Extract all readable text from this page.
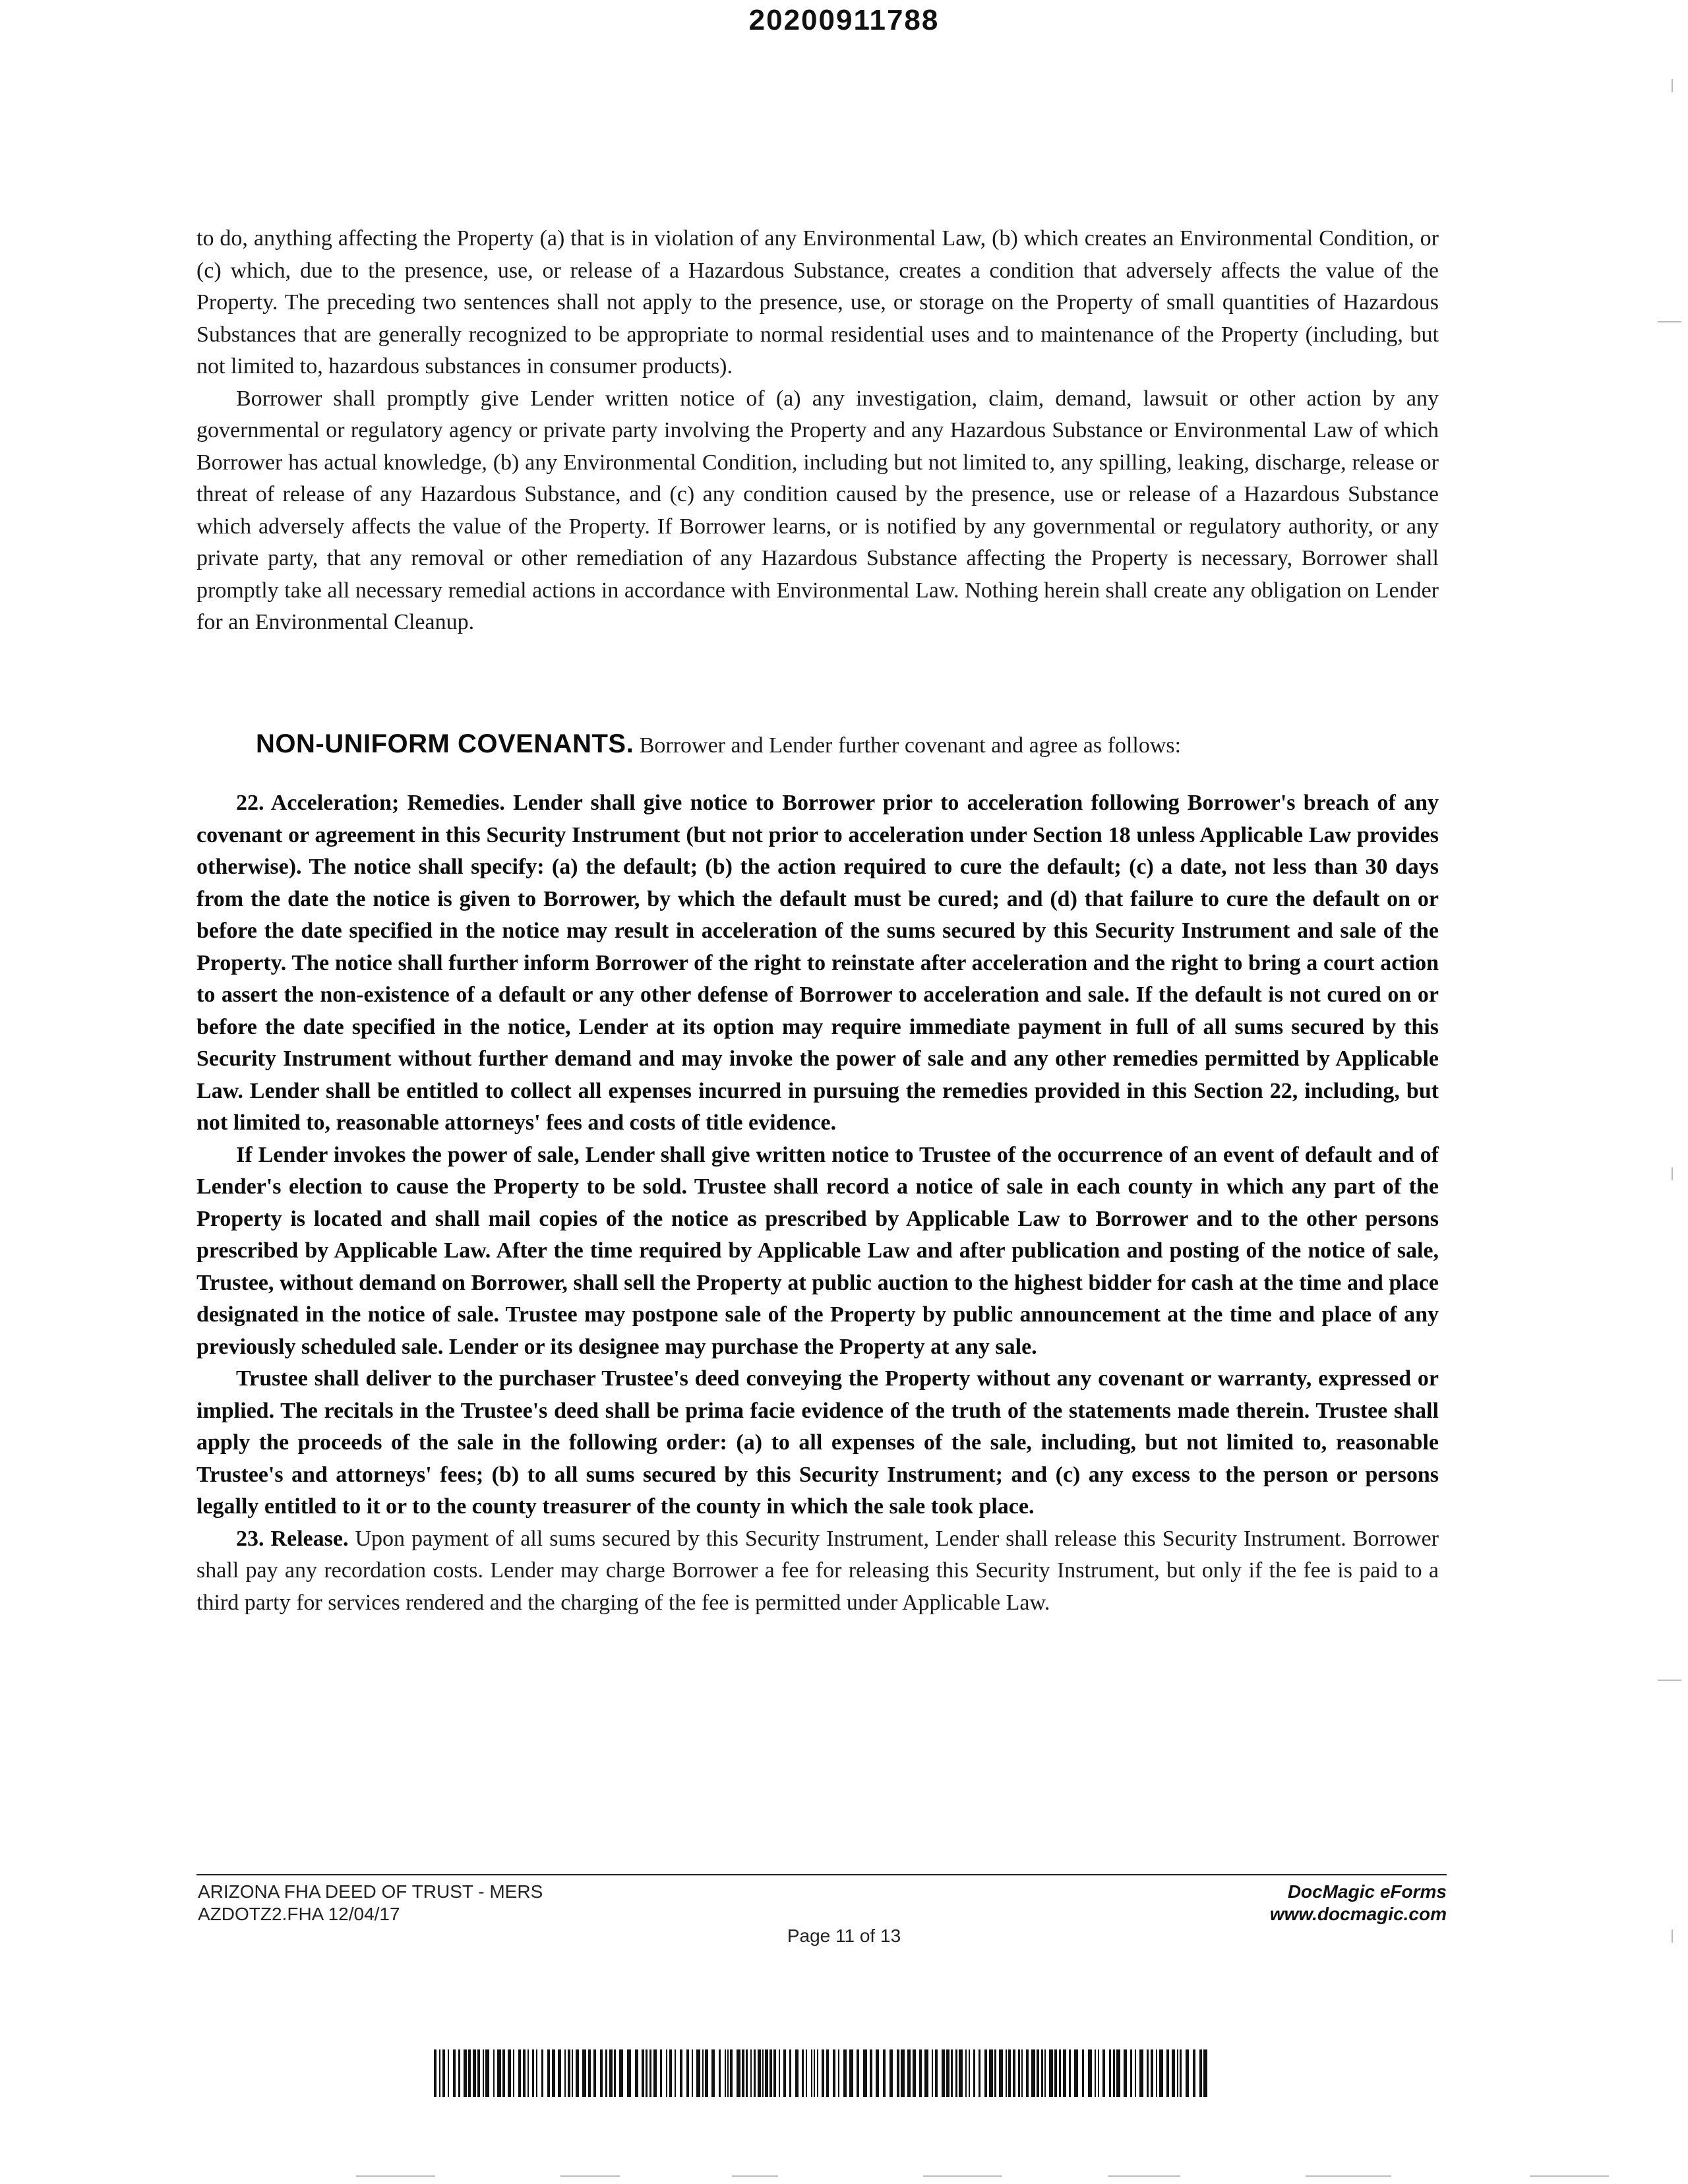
20200911788

to do, anything affecting the Property (a) that is in violation of any Environmental Law, (b) which creates an Environmental Condition, or (c) which, due to the presence, use, or release of a Hazardous Substance, creates a condition that adversely affects the value of the Property. The preceding two sentences shall not apply to the presence, use, or storage on the Property of small quantities of Hazardous Substances that are generally recognized to be appropriate to normal residential uses and to maintenance of the Property (including, but not limited to, hazardous substances in consumer products).

Borrower shall promptly give Lender written notice of (a) any investigation, claim, demand, lawsuit or other action by any governmental or regulatory agency or private party involving the Property and any Hazardous Substance or Environmental Law of which Borrower has actual knowledge, (b) any Environmental Condition, including but not limited to, any spilling, leaking, discharge, release or threat of release of any Hazardous Substance, and (c) any condition caused by the presence, use or release of a Hazardous Substance which adversely affects the value of the Property. If Borrower learns, or is notified by any governmental or regulatory authority, or any private party, that any removal or other remediation of any Hazardous Substance affecting the Property is necessary, Borrower shall promptly take all necessary remedial actions in accordance with Environmental Law. Nothing herein shall create any obligation on Lender for an Environmental Cleanup.

NON-UNIFORM COVENANTS. Borrower and Lender further covenant and agree as follows:

22. Acceleration; Remedies. Lender shall give notice to Borrower prior to acceleration following Borrower's breach of any covenant or agreement in this Security Instrument (but not prior to acceleration under Section 18 unless Applicable Law provides otherwise). The notice shall specify: (a) the default; (b) the action required to cure the default; (c) a date, not less than 30 days from the date the notice is given to Borrower, by which the default must be cured; and (d) that failure to cure the default on or before the date specified in the notice may result in acceleration of the sums secured by this Security Instrument and sale of the Property. The notice shall further inform Borrower of the right to reinstate after acceleration and the right to bring a court action to assert the non-existence of a default or any other defense of Borrower to acceleration and sale. If the default is not cured on or before the date specified in the notice, Lender at its option may require immediate payment in full of all sums secured by this Security Instrument without further demand and may invoke the power of sale and any other remedies permitted by Applicable Law. Lender shall be entitled to collect all expenses incurred in pursuing the remedies provided in this Section 22, including, but not limited to, reasonable attorneys' fees and costs of title evidence.

If Lender invokes the power of sale, Lender shall give written notice to Trustee of the occurrence of an event of default and of Lender's election to cause the Property to be sold. Trustee shall record a notice of sale in each county in which any part of the Property is located and shall mail copies of the notice as prescribed by Applicable Law to Borrower and to the other persons prescribed by Applicable Law. After the time required by Applicable Law and after publication and posting of the notice of sale, Trustee, without demand on Borrower, shall sell the Property at public auction to the highest bidder for cash at the time and place designated in the notice of sale. Trustee may postpone sale of the Property by public announcement at the time and place of any previously scheduled sale. Lender or its designee may purchase the Property at any sale.

Trustee shall deliver to the purchaser Trustee's deed conveying the Property without any covenant or warranty, expressed or implied. The recitals in the Trustee's deed shall be prima facie evidence of the truth of the statements made therein. Trustee shall apply the proceeds of the sale in the following order: (a) to all expenses of the sale, including, but not limited to, reasonable Trustee's and attorneys' fees; (b) to all sums secured by this Security Instrument; and (c) any excess to the person or persons legally entitled to it or to the county treasurer of the county in which the sale took place.

23. Release. Upon payment of all sums secured by this Security Instrument, Lender shall release this Security Instrument. Borrower shall pay any recordation costs. Lender may charge Borrower a fee for releasing this Security Instrument, but only if the fee is paid to a third party for services rendered and the charging of the fee is permitted under Applicable Law.

ARIZONA FHA DEED OF TRUST - MERS
AZDOTZ2.FHA 12/04/17
DocMagic eForms
www.docmagic.com
Page 11 of 13
